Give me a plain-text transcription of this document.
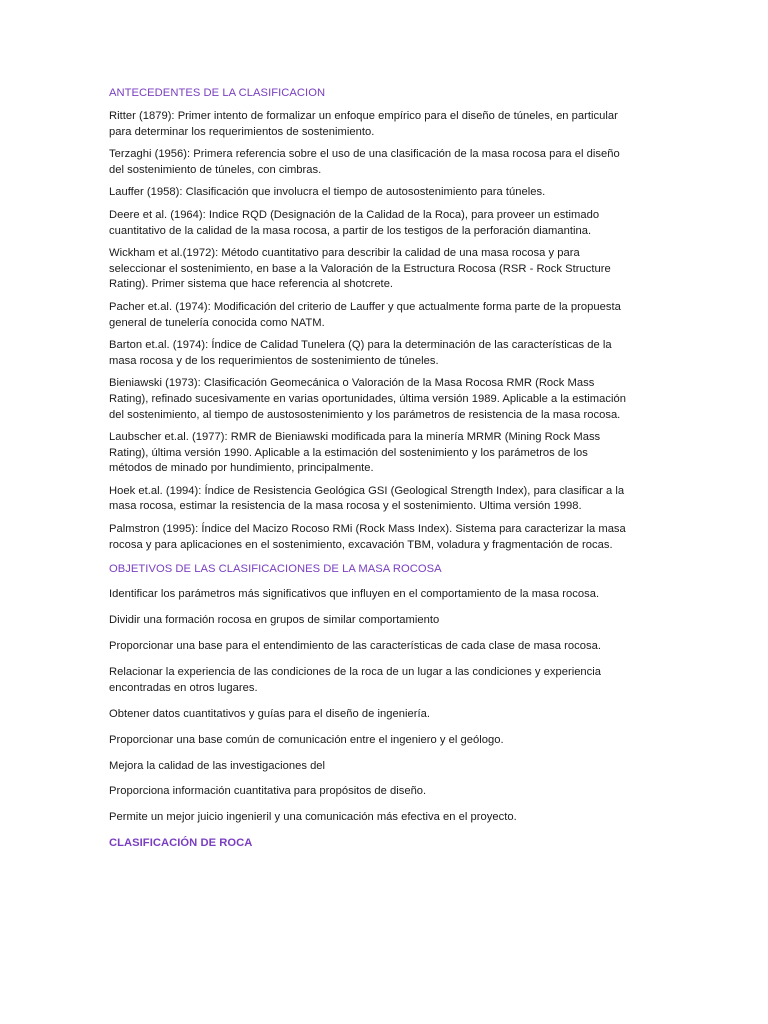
ANTECEDENTES DE LA CLASIFICACION

Ritter (1879): Primer intento de formalizar un enfoque empírico para el diseño de túneles, en particular para determinar los requerimientos de sostenimiento.

Terzaghi (1956): Primera referencia sobre el uso de una clasificación de la masa rocosa para el diseño del sostenimiento de túneles, con cimbras.

Lauffer (1958): Clasificación que involucra el tiempo de autosostenimiento para túneles.

Deere et al. (1964): Indice RQD (Designación de la Calidad de la Roca), para proveer un estimado cuantitativo de la calidad de la masa rocosa, a partir de los testigos de la perforación diamantina.

Wickham et al.(1972): Método cuantitativo para describir la calidad de una masa rocosa y para seleccionar el sostenimiento, en base a la Valoración de la Estructura Rocosa (RSR - Rock Structure Rating). Primer sistema que hace referencia al shotcrete.

Pacher et.al. (1974): Modificación del criterio de Lauffer y que actualmente forma parte de la propuesta general de tunelería conocida como NATM.

Barton et.al. (1974): Índice de Calidad Tunelera (Q) para la determinación de las características de la masa rocosa y de los requerimientos de sostenimiento de túneles.

Bieniawski (1973): Clasificación Geomecánica o Valoración de la Masa Rocosa RMR (Rock Mass Rating), refinado sucesivamente en varias oportunidades, última versión 1989. Aplicable a la estimación del sostenimiento, al tiempo de austosostenimiento y los parámetros de resistencia de la masa rocosa.

Laubscher et.al. (1977): RMR de Bieniawski modificada para la minería MRMR (Mining Rock Mass Rating), última versión 1990. Aplicable a la estimación del sostenimiento y los parámetros de los métodos de minado por hundimiento, principalmente.

Hoek et.al. (1994): Índice de Resistencia Geológica GSI (Geological Strength Index), para clasificar a la masa rocosa, estimar la resistencia de la masa rocosa y el sostenimiento. Ultima versión 1998.

Palmstron (1995): Índice del Macizo Rocoso RMi (Rock Mass Index). Sistema para caracterizar la masa rocosa y para aplicaciones en el sostenimiento, excavación TBM, voladura y fragmentación de rocas.

OBJETIVOS DE LAS CLASIFICACIONES DE LA MASA ROCOSA

Identificar los parámetros más significativos que influyen en el comportamiento de la masa rocosa.

Dividir una formación rocosa en grupos de similar comportamiento

Proporcionar una base para el entendimiento de las características de cada clase de masa rocosa.

Relacionar la experiencia de las condiciones de la roca de un lugar a las condiciones y experiencia encontradas en otros lugares.

Obtener datos cuantitativos y guías para el diseño de ingeniería.

Proporcionar una base común de comunicación entre el ingeniero y el geólogo.

Mejora la calidad de las investigaciones del

Proporciona información cuantitativa para propósitos de diseño.

Permite un mejor juicio ingenieril y una comunicación más efectiva en el proyecto.

CLASIFICACIÓN DE ROCA
